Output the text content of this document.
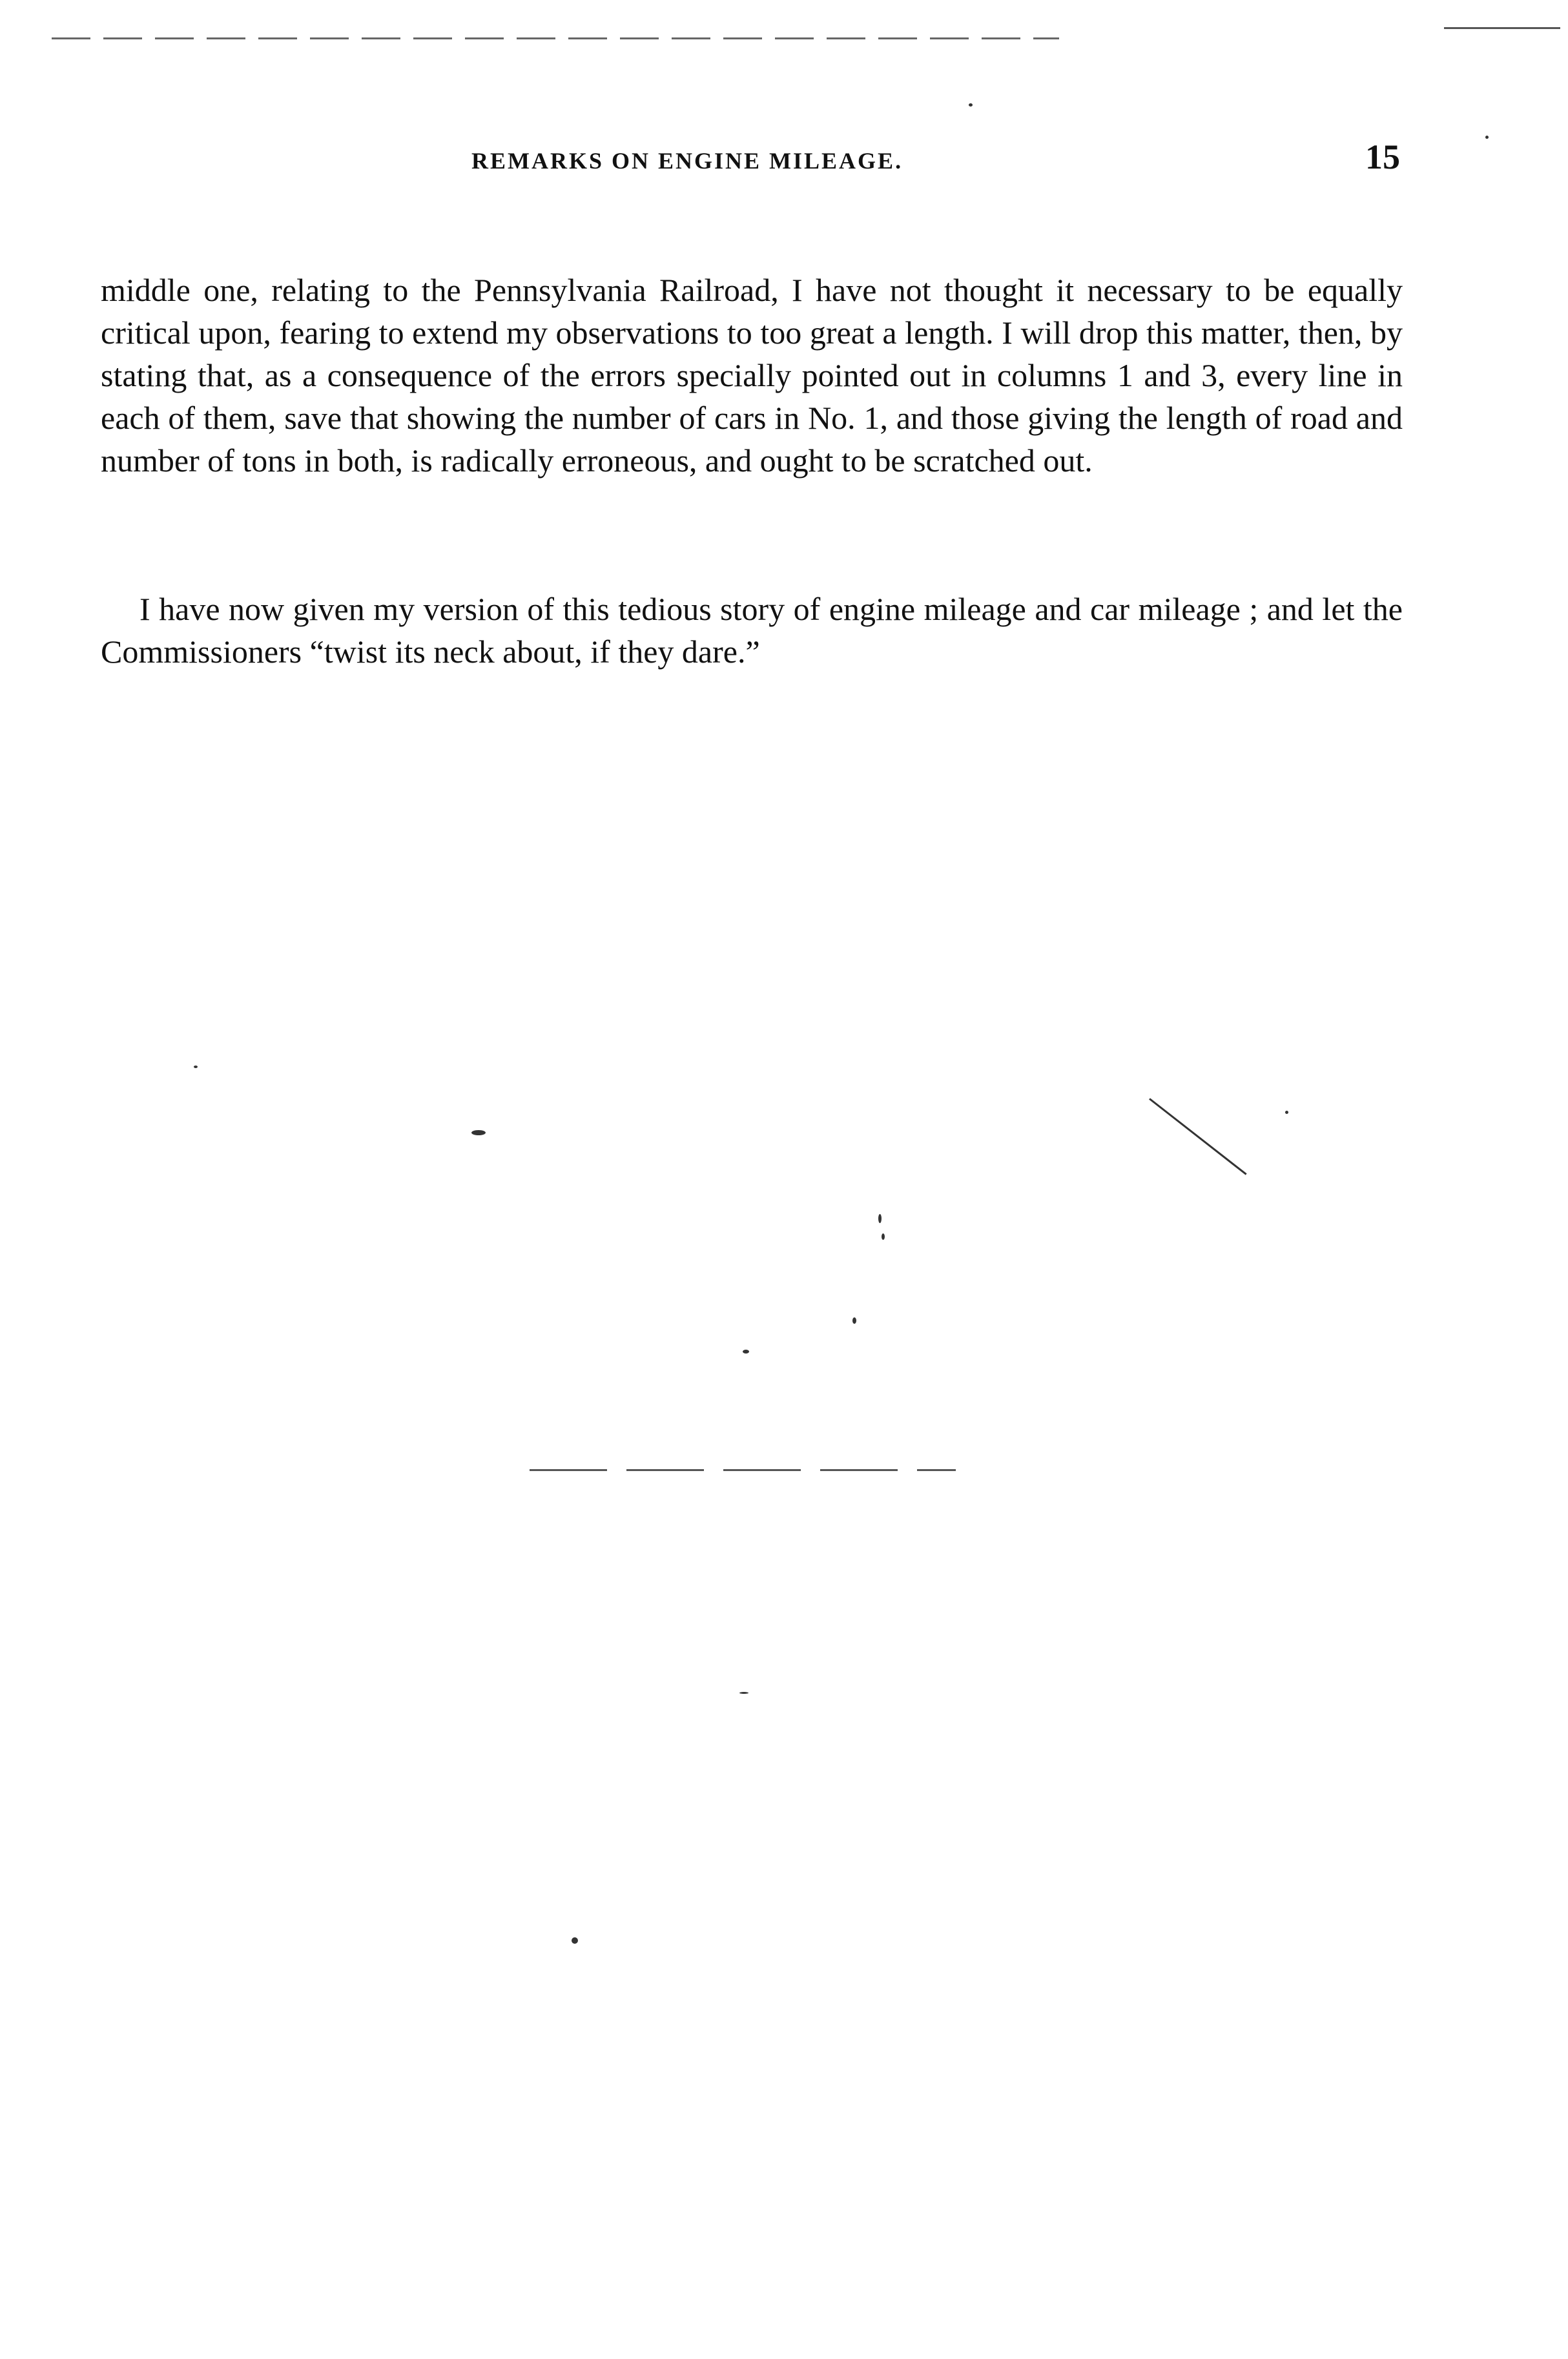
REMARKS ON ENGINE MILEAGE.	15

middle one, relating to the Pennsylvania Railroad, I have not thought it necessary to be equally critical upon, fearing to extend my observations to too great a length. I will drop this matter, then, by stating that, as a consequence of the errors specially pointed out in columns 1 and 3, every line in each of them, save that showing the number of cars in No. 1, and those giving the length of road and number of tons in both, is radically erroneous, and ought to be scratched out.

I have now given my version of this tedious story of engine mileage and car mileage ; and let the Commissioners “twist its neck about, if they dare.”
